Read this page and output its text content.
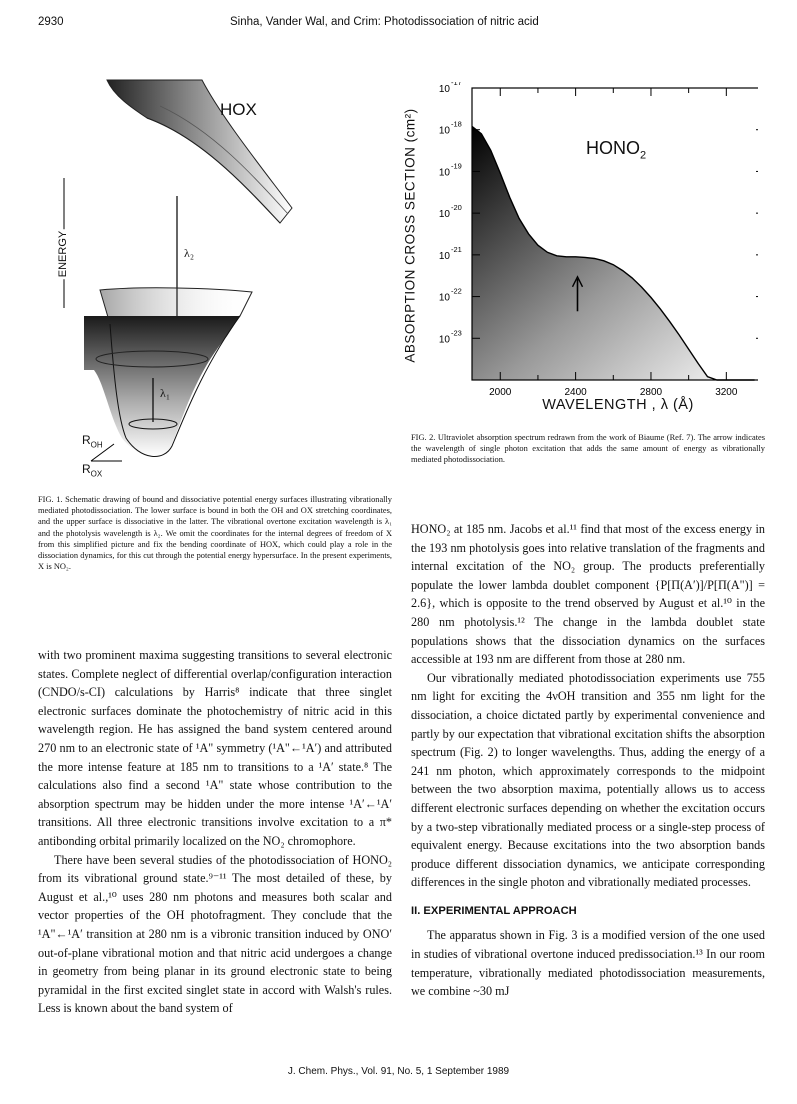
2930	Sinha, Vander Wal, and Crim: Photodissociation of nitric acid
HOX
λ₂
λ₁
ENERGY
$R_{OH}$
$R_{OX}$
FIG. 1. Schematic drawing of bound and dissociative potential energy surfaces illustrating vibrationally mediated photodissociation. The lower surface is bound in both the OH and OX stretching coordinates, and the upper surface is dissociative in the latter. The vibrational overtone excitation wavelength is λ₁ and the photolysis wavelength is λ₂. We omit the coordinates for the internal degrees of freedom of X from this simplified picture and fix the bending coordinate of HOX, which could play a role in the dissociation dynamics, for this cut through the potential energy hypersurface. In the present experiments, X is NO₂.
2000	2400	2800	3200
10
-17
10
-18
10
-19
10
-20
10
-21
10
-22
10
-23
ABSORPTION CROSS SECTION (cm²)	$HONO_2$
WAVELENGTH , λ (Å)
FIG. 2. Ultraviolet absorption spectrum redrawn from the work of Biaume (Ref. 7). The arrow indicates the wavelength of single photon excitation that adds the same amount of energy as vibrationally mediated photodissociation.

with two prominent maxima suggesting transitions to several electronic states. Complete neglect of differential overlap/configuration interaction (CNDO/s-CI) calculations by Harris⁸ indicate that three singlet electronic surfaces dominate the photochemistry of nitric acid in this wavelength region. He has assigned the band system centered around 270 nm to an electronic state of ¹A" symmetry (¹A"←¹A′) and attributed the more intense feature at 185 nm to transitions to a ¹A′ state.⁸ The calculations also find a second ¹A" state whose contribution to the absorption spectrum may be hidden under the more intense ¹A′←¹A′ transitions. All three electronic transitions involve excitation to a π* antibonding orbital primarily localized on the NO₂ chromophore.

There have been several studies of the photodissociation of HONO₂ from its vibrational ground state.⁹⁻¹¹ The most detailed of these, by August et al.,¹⁰ uses 280 nm photons and measures both scalar and vector properties of the OH photofragment. They conclude that the ¹A"←¹A′ transition at 280 nm is a vibronic transition induced by ONO′ out-of-plane vibrational motion and that nitric acid undergoes a change in geometry from being planar in its ground electronic state to being pyramidal in the first excited singlet state in accord with Walsh's rules. Less is known about the band system of

HONO₂ at 185 nm. Jacobs et al.¹¹ find that most of the excess energy in the 193 nm photolysis goes into relative translation of the fragments and internal excitation of the NO₂ group. The products preferentially populate the lower lambda doublet component {P[Π(A′)]/P[Π(A")] = 2.6}, which is opposite to the trend observed by August et al.¹⁰ in the 280 nm photolysis.¹² The change in the lambda doublet state populations shows that the dissociation dynamics on the surfaces accessible at 193 nm are different from those at 280 nm.

Our vibrationally mediated photodissociation experiments use 755 nm light for exciting the 4νOH transition and 355 nm light for the dissociation, a choice dictated partly by experimental convenience and partly by our expectation that vibrational excitation shifts the absorption spectrum (Fig. 2) to longer wavelengths. Thus, adding the energy of a 241 nm photon, which approximately corresponds to the midpoint between the two absorption maxima, potentially allows us to access different electronic surfaces depending on whether the excitation occurs by a two-step vibrationally mediated process or a single-step process of equivalent energy. Because excitations into the two absorption bands produce different dissociation dynamics, we anticipate corresponding differences in the single photon and vibrationally mediated processes.

II. EXPERIMENTAL APPROACH

The apparatus shown in Fig. 3 is a modified version of the one used in studies of vibrational overtone induced predissociation.¹³ In our room temperature, vibrationally mediated photodissociation measurements, we combine ~30 mJ

J. Chem. Phys., Vol. 91, No. 5, 1 September 1989
